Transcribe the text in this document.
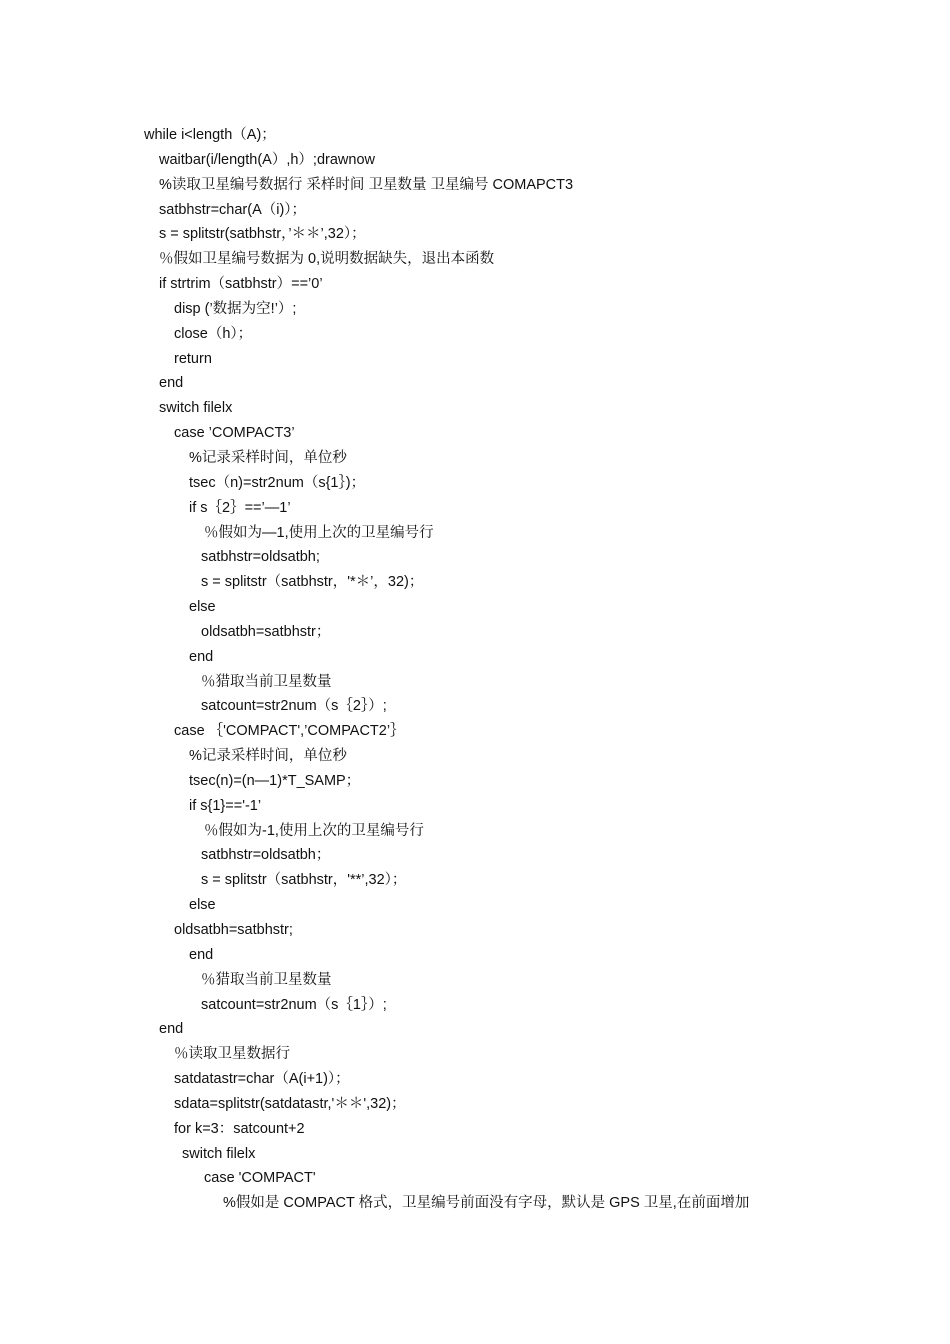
while i<length（A)；
waitbar(i/length(A）,h）;drawnow
%读取卫星编号数据行 采样时间 卫星数量 卫星编号 COMAPCT3
satbhstr=char(A（i)）；
s = splitstr(satbhstr，’＊＊’,32）；
％假如卫星编号数据为 0,说明数据缺失，退出本函数
if strtrim（satbhstr）==’0’
disp (’数据为空!’）;
close（h）；
return
end
switch filelx
case ’COMPACT3’
%记录采样时间，单位秒
tsec（n)=str2num（s{1｝)；
if s｛2｝==’—1’
％假如为—1,使用上次的卫星编号行
satbhstr=oldsatbh;
s = splitstr（satbhstr，'*＊’，32)；
else
oldsatbh=satbhstr；
end
％猎取当前卫星数量
satcount=str2num（s｛2｝）;
case ｛'COMPACT',’COMPACT2’｝
%记录采样时间，单位秒
tsec(n)=(n—1)*T_SAMP；
if s{1}=='-1’
％假如为-1,使用上次的卫星编号行
satbhstr=oldsatbh；
s = splitstr（satbhstr，'**’,32）；
else
oldsatbh=satbhstr;
end
％猎取当前卫星数量
satcount=str2num（s｛1｝）;
end
％读取卫星数据行
satdatastr=char（A(i+1)）；
sdata=splitstr(satdatastr,'＊＊',32)；
for k=3：satcount+2
switch filelx
case 'COMPACT'
%假如是 COMPACT 格式，卫星编号前面没有字母，默认是 GPS 卫星,在前面增加
